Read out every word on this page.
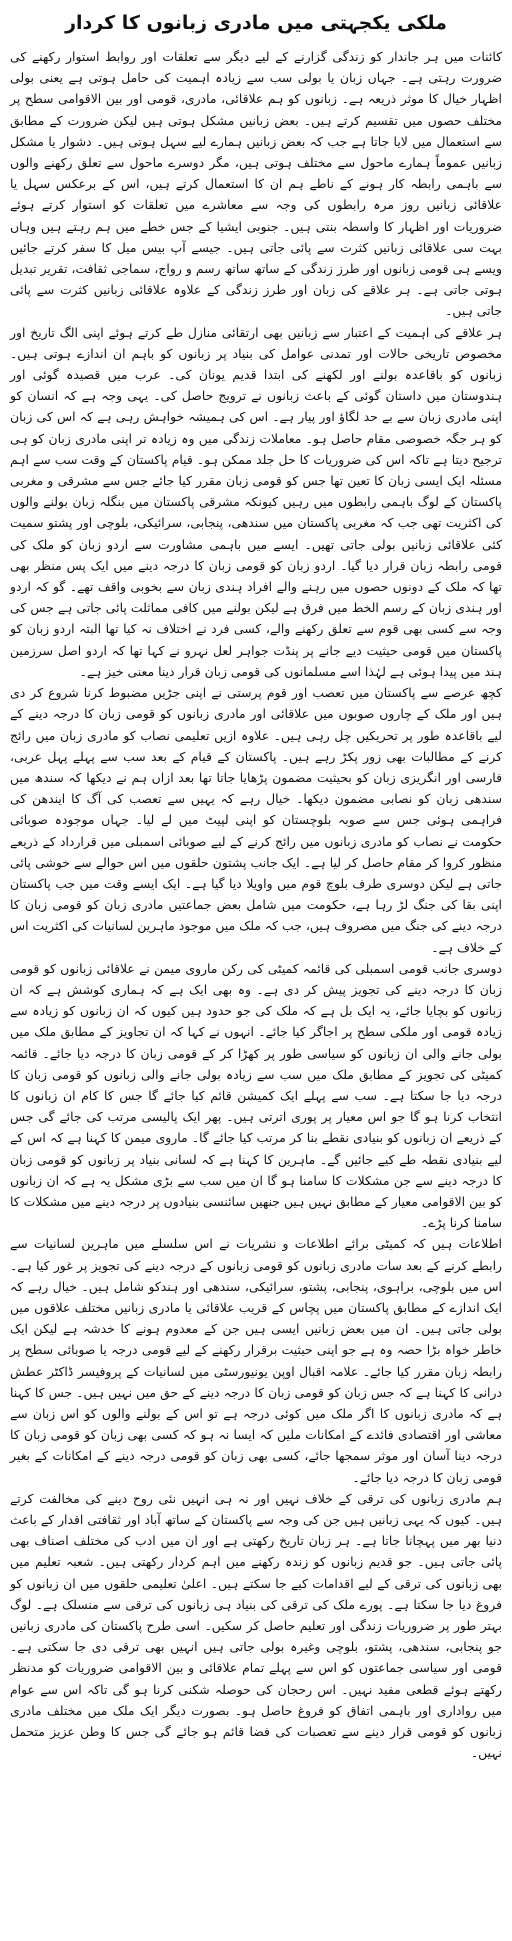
ملکی یکجہتی میں مادری زبانوں کا کردار

کائنات میں ہر جاندار کو زندگی گزارنے کے لیے دیگر سے تعلقات اور روابط استوار رکھنے کی ضرورت رہتی ہے۔ جہاں زبان یا بولی سب سے زیادہ اہمیت کی حامل ہوتی ہے یعنی بولی اظہار خیال کا موثر ذریعہ ہے۔ زبانوں کو ہم علاقائی، مادری، قومی اور بین الاقوامی سطح پر مختلف حصوں میں تقسیم کرتے ہیں۔ بعض زبانیں مشکل ہوتی ہیں لیکن ضرورت کے مطابق سے استعمال میں لایا جاتا ہے جب کہ بعض زبانیں ہمارے لیے سہل ہوتی ہیں۔ دشوار یا مشکل زبانیں عموماً ہمارے ماحول سے مختلف ہوتی ہیں، مگر دوسرے ماحول سے تعلق رکھنے والوں سے باہمی رابطہ کار ہونے کے ناطے ہم ان کا استعمال کرتے ہیں، اس کے برعکس سہل یا علاقائی زبانیں روز مرہ رابطوں کی وجہ سے معاشرے میں تعلقات کو استوار کرتے ہوئے ضروریات اور اظہار کا واسطہ بنتی ہیں۔ جنوبی ایشیا کے جس خطے میں ہم رہتے ہیں وہاں بہت سی علاقائی زبانیں کثرت سے پائی جاتی ہیں۔ جیسے آپ بیس میل کا سفر کرتے جائیں ویسے ہی قومی زبانوں اور طرز زندگی کے ساتھ ساتھ رسم و رواج، سماجی ثقافت، تقریر تبدیل ہوتی جاتی ہے۔ ہر علاقے کی زبان اور طرز زندگی کے علاوہ علاقائی زبانیں کثرت سے پائی جاتی ہیں۔

ہر علاقے کی اہمیت کے اعتبار سے زبانیں بھی ارتقائی منازل طے کرتے ہوئے اپنی الگ تاریخ اور مخصوص تاریخی حالات اور تمدنی عوامل کی بنیاد پر زبانوں کو باہم ان اندازے ہوتی ہیں۔ زبانوں کو باقاعدہ بولنے اور لکھنے کی ابتدا قدیم یونان کی۔ عرب میں قصیدہ گوئی اور ہندوستان میں داستان گوئی کے باعث زبانوں نے ترویج حاصل کی۔ یہی وجہ ہے کہ انسان کو اپنی مادری زبان سے بے حد لگاؤ اور پیار ہے۔ اس کی ہمیشہ خواہش رہی ہے کہ اس کی زبان کو ہر جگہ خصوصی مقام حاصل ہو۔ معاملات زندگی میں وہ زیادہ تر اپنی مادری زبان کو ہی ترجیح دیتا ہے تاکہ اس کی ضروریات کا حل جلد ممکن ہو۔ قیام پاکستان کے وقت سب سے اہم مسئلہ ایک ایسی زبان کا تعین تھا جس کو قومی زبان مقرر کیا جائے جس سے مشرقی و مغربی پاکستان کے لوگ باہمی رابطوں میں رہیں کیونکہ مشرقی پاکستان میں بنگلہ زبان بولنے والوں کی اکثریت تھی جب کہ مغربی پاکستان میں سندھی، پنجابی، سرائیکی، بلوچی اور پشتو سمیت کئی علاقائی زبانیں بولی جاتی تھیں۔ ایسے میں باہمی مشاورت سے اردو زبان کو ملک کی قومی رابطہ زبان قرار دیا گیا۔ اردو زبان کو قومی زبان کا درجہ دینے میں ایک پس منظر بھی تھا کہ ملک کے دونوں حصوں میں رہنے والے افراد ہندی زبان سے بخوبی واقف تھے۔ گو کہ اردو اور ہندی زبان کے رسم الخط میں فرق ہے لیکن بولنے میں کافی مماثلت پائی جاتی ہے جس کی وجہ سے کسی بھی قوم سے تعلق رکھنے والے، کسی فرد نے اختلاف نہ کیا تھا البتہ اردو زبان کو پاکستان میں قومی حیثیت دیے جانے پر پنڈت جواہر لعل نہرو نے کہا تھا کہ اردو اصل سرزمین ہند میں پیدا ہوئی ہے لہٰذا اسے مسلمانوں کی قومی زبان قرار دینا معنی خیز ہے۔

کچھ عرصے سے پاکستان میں تعصب اور قوم پرستی نے اپنی جڑیں مضبوط کرنا شروع کر دی ہیں اور ملک کے چاروں صوبوں میں علاقائی اور مادری زبانوں کو قومی زبان کا درجہ دینے کے لیے باقاعدہ طور پر تحریکیں چل رہی ہیں۔ علاوہ ازیں تعلیمی نصاب کو مادری زبان میں رائج کرنے کے مطالبات بھی زور پکڑ رہے ہیں۔ پاکستان کے قیام کے بعد سب سے پہلے پہل عربی، فارسی اور انگریزی زبان کو بحیثیت مضمون پڑھایا جاتا تھا بعد ازاں ہم نے دیکھا کہ سندھ میں سندھی زبان کو نصابی مضمون دیکھا۔ خیال رہے کہ یہیں سے تعصب کی آگ کا ایندھن کی فراہمی ہوئی جس سے صوبہ بلوچستان کو اپنی لپیٹ میں لے لیا۔ جہاں موجودہ صوبائی حکومت نے نصاب کو مادری زبانوں میں رائج کرنے کے لیے صوبائی اسمبلی میں قرارداد کے ذریعے منظور کروا کر مقام حاصل کر لیا ہے۔ ایک جانب پشتون حلقوں میں اس حوالے سے خوشی پائی جاتی ہے لیکن دوسری طرف بلوچ قوم میں واویلا دیا گیا ہے۔ ایک ایسے وقت میں جب پاکستان اپنی بقا کی جنگ لڑ رہا ہے، حکومت میں شامل بعض جماعتیں مادری زبان کو قومی زبان کا درجہ دینے کی جنگ میں مصروف ہیں، جب کہ ملک میں موجود ماہرین لسانیات کی اکثریت اس کے خلاف ہے۔

دوسری جانب قومی اسمبلی کی قائمہ کمیٹی کی رکن ماروی میمن نے علاقائی زبانوں کو قومی زبان کا درجہ دینے کی تجویز پیش کر دی ہے۔ وہ بھی ایک ہے کہ ہماری کوشش ہے کہ ان زبانوں کو بچایا جائے، یہ ایک بل ہے کہ ملک کی جو حدود ہیں کیوں کہ ان زبانوں کو زیادہ سے زیادہ قومی اور ملکی سطح پر اجاگر کیا جائے۔ انہوں نے کہا کہ ان تجاویز کے مطابق ملک میں بولی جانے والی ان زبانوں کو سیاسی طور پر کھڑا کر کے قومی زبان کا درجہ دیا جائے۔ قائمہ کمیٹی کی تجویز کے مطابق ملک میں سب سے زیادہ بولی جانے والی زبانوں کو قومی زبان کا درجہ دیا جا سکتا ہے۔ سب سے پہلے ایک کمیشن قائم کیا جائے گا جس کا کام ان زبانوں کا انتخاب کرنا ہو گا جو اس معیار پر پوری اترتی ہیں۔ پھر ایک پالیسی مرتب کی جائے گی جس کے ذریعے ان زبانوں کو بنیادی نقطے بنا کر مرتب کیا جائے گا۔ ماروی میمن کا کہنا ہے کہ اس کے لیے بنیادی نقطہ طے کیے جائیں گے۔ ماہرین کا کہنا ہے کہ لسانی بنیاد پر زبانوں کو قومی زبان کا درجہ دینے سے جن مشکلات کا سامنا ہو گا ان میں سب سے بڑی مشکل یہ ہے کہ ان زبانوں کو بین الاقوامی معیار کے مطابق نہیں ہیں جنھیں سائنسی بنیادوں پر درجہ دینے میں مشکلات کا سامنا کرنا پڑے۔

اطلاعات ہیں کہ کمیٹی برائے اطلاعات و نشریات نے اس سلسلے میں ماہرین لسانیات سے رابطے کرنے کے بعد سات مادری زبانوں کو قومی زبانوں کے درجہ دینے کی تجویز پر غور کیا ہے۔ اس میں بلوچی، براہوی، پنجابی، پشتو، سرائیکی، سندھی اور ہندکو شامل ہیں۔ خیال رہے کہ ایک اندازے کے مطابق پاکستان میں پچاس کے قریب علاقائی یا مادری زبانیں مختلف علاقوں میں بولی جاتی ہیں۔ ان میں بعض زبانیں ایسی ہیں جن کے معدوم ہونے کا خدشہ ہے لیکن ایک خاطر خواہ بڑا حصہ وہ ہے جو اپنی حیثیت برقرار رکھنے کے لیے قومی درجہ یا صوبائی سطح پر رابطہ زبان مقرر کیا جائے۔ علامہ اقبال اوپن یونیورسٹی میں لسانیات کے پروفیسر ڈاکٹر عطش درانی کا کہنا ہے کہ جس زبان کو قومی زبان کا درجہ دینے کے حق میں نہیں ہیں۔ جس کا کہنا ہے کہ مادری زبانوں کا اگر ملک میں کوئی درجہ ہے تو اس کے بولنے والوں کو اس زبان سے معاشی اور اقتصادی فائدے کے امکانات ملیں کہ ایسا نہ ہو کہ کسی بھی زبان کو قومی زبان کا درجہ دینا آسان اور موثر سمجھا جائے، کسی بھی زبان کو قومی درجہ دینے کے امکانات کے بغیر قومی زبان کا درجہ دیا جائے۔

ہم مادری زبانوں کی ترقی کے خلاف نہیں اور نہ ہی انہیں نئی روح دینے کی مخالفت کرتے ہیں۔ کیوں کہ یہی زبانیں ہیں جن کی وجہ سے پاکستان کے ساتھ آباد اور ثقافتی اقدار کے باعث دنیا بھر میں پہچانا جاتا ہے۔ ہر زبان تاریخ رکھتی ہے اور ان میں ادب کی مختلف اصناف بھی پائی جاتی ہیں۔ جو قدیم زبانوں کو زندہ رکھنے میں اہم کردار رکھتی ہیں۔ شعبہ تعلیم میں بھی زبانوں کی ترقی کے لیے اقدامات کیے جا سکتے ہیں۔ اعلیٰ تعلیمی حلقوں میں ان زبانوں کو فروغ دیا جا سکتا ہے۔ پورے ملک کی ترقی کی بنیاد ہی زبانوں کی ترقی سے منسلک ہے۔ لوگ بہتر طور پر ضروریات زندگی اور تعلیم حاصل کر سکیں۔ اسی طرح پاکستان کی مادری زبانیں جو پنجابی، سندھی، پشتو، بلوچی وغیرہ بولی جاتی ہیں انہیں بھی ترقی دی جا سکتی ہے۔ قومی اور سیاسی جماعتوں کو اس سے پہلے تمام علاقائی و بین الاقوامی ضروریات کو مدنظر رکھتے ہوئے قطعی مفید نہیں۔ اس رحجان کی حوصلہ شکنی کرنا ہو گی تاکہ اس سے عوام میں رواداری اور باہمی اتفاق کو فروغ حاصل ہو۔ بصورت دیگر ایک ملک میں مختلف مادری زبانوں کو قومی قرار دینے سے تعصبات کی فضا قائم ہو جائے گی جس کا وطن عزیز متحمل نہیں۔
